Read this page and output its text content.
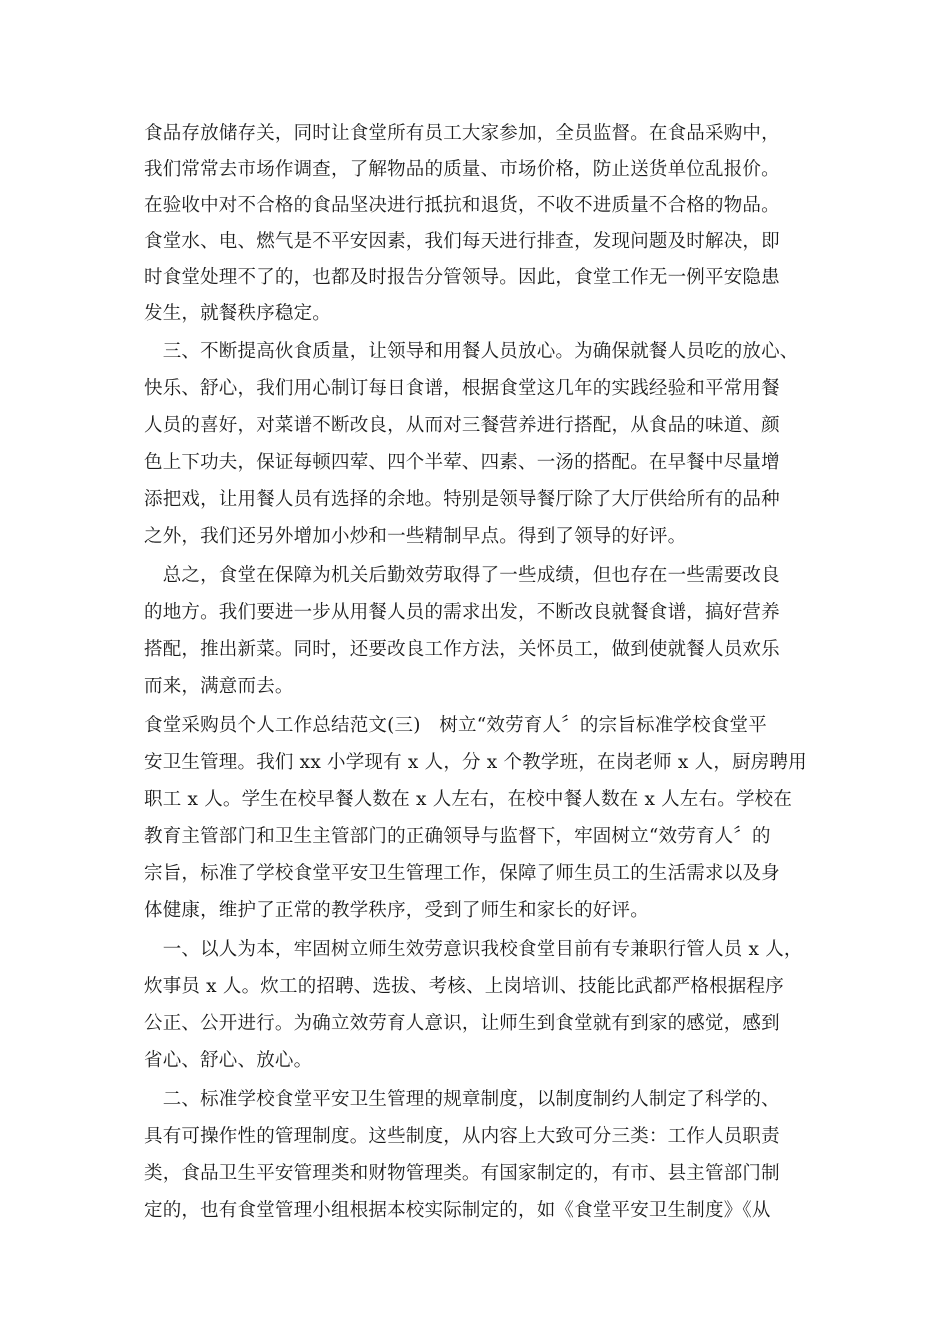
食品存放储存关，同时让食堂所有员工大家参加，全员监督。在食品采购中，
我们常常去市场作调查，了解物品的质量、市场价格，防止送货单位乱报价。
在验收中对不合格的食品坚决进行抵抗和退货，不收不进质量不合格的物品。
食堂水、电、燃气是不平安因素，我们每天进行排查，发现问题及时解决，即
时食堂处理不了的，也都及时报告分管领导。因此，食堂工作无一例平安隐患
发生，就餐秩序稳定。
　三、不断提高伙食质量，让领导和用餐人员放心。为确保就餐人员吃的放心、
快乐、舒心，我们用心制订每日食谱，根据食堂这几年的实践经验和平常用餐
人员的喜好，对菜谱不断改良，从而对三餐营养进行搭配，从食品的味道、颜
色上下功夫，保证每顿四荤、四个半荤、四素、一汤的搭配。在早餐中尽量增
添把戏，让用餐人员有选择的余地。特别是领导餐厅除了大厅供给所有的品种
之外，我们还另外增加小炒和一些精制早点。得到了领导的好评。
　总之，食堂在保障为机关后勤效劳取得了一些成绩，但也存在一些需要改良
的地方。我们要进一步从用餐人员的需求出发，不断改良就餐食谱，搞好营养
搭配，推出新菜。同时，还要改良工作方法，关怀员工，做到使就餐人员欢乐
而来，满意而去。
食堂采购员个人工作总结范文(三)　树立“效劳育人〞的宗旨标准学校食堂平
安卫生管理。我们 xx 小学现有 x 人，分 x 个教学班，在岗老师 x 人，厨房聘用
职工 x 人。学生在校早餐人数在 x 人左右，在校中餐人数在 x 人左右。学校在
教育主管部门和卫生主管部门的正确领导与监督下，牢固树立“效劳育人〞的
宗旨，标准了学校食堂平安卫生管理工作，保障了师生员工的生活需求以及身
体健康，维护了正常的教学秩序，受到了师生和家长的好评。
　一、以人为本，牢固树立师生效劳意识我校食堂目前有专兼职行管人员 x 人，
炊事员 x 人。炊工的招聘、选拔、考核、上岗培训、技能比武都严格根据程序
公正、公开进行。为确立效劳育人意识，让师生到食堂就有到家的感觉，感到
省心、舒心、放心。
　二、标准学校食堂平安卫生管理的规章制度，以制度制约人制定了科学的、
具有可操作性的管理制度。这些制度，从内容上大致可分三类：工作人员职责
类，食品卫生平安管理类和财物管理类。有国家制定的，有市、县主管部门制
定的，也有食堂管理小组根据本校实际制定的，如《食堂平安卫生制度》《从
